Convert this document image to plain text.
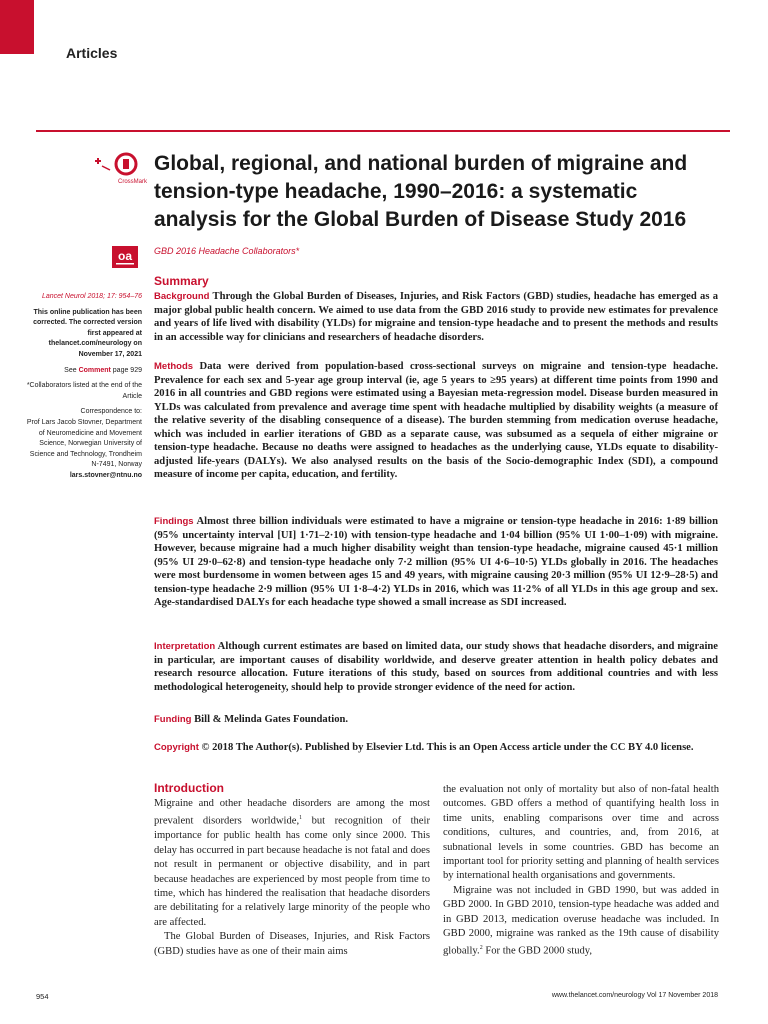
Articles
CrossMark
Global, regional, and national burden of migraine and tension-type headache, 1990–2016: a systematic analysis for the Global Burden of Disease Study 2016
oa GBD 2016 Headache Collaborators*

Lancet Neurol 2018; 17: 954–76

This online publication has been corrected. The corrected version first appeared at thelancet.com/neurology on November 17, 2021

See Comment page 929

*Collaborators listed at the end of the Article

Correspondence to:
Prof Lars Jacob Stovner, Department of Neuromedicine and Movement Science, Norwegian University of Science and Technology, Trondheim N-7491, Norway
lars.stovner@ntnu.no

Summary
Background Through the Global Burden of Diseases, Injuries, and Risk Factors (GBD) studies, headache has emerged as a major global public health concern. We aimed to use data from the GBD 2016 study to provide new estimates for prevalence and years of life lived with disability (YLDs) for migraine and tension-type headache and to present the methods and results in an accessible way for clinicians and researchers of headache disorders.
Methods Data were derived from population-based cross-sectional surveys on migraine and tension-type headache. Prevalence for each sex and 5-year age group interval (ie, age 5 years to ≥95 years) at different time points from 1990 and 2016 in all countries and GBD regions were estimated using a Bayesian meta-regression model. Disease burden measured in YLDs was calculated from prevalence and average time spent with headache multiplied by disability weights (a measure of the relative severity of the disabling consequence of a disease). The burden stemming from medication overuse headache, which was included in earlier iterations of GBD as a separate cause, was subsumed as a sequela of either migraine or tension-type headache. Because no deaths were assigned to headaches as the underlying cause, YLDs equate to disability-adjusted life-years (DALYs). We also analysed results on the basis of the Socio-demographic Index (SDI), a compound measure of income per capita, education, and fertility.
Findings Almost three billion individuals were estimated to have a migraine or tension-type headache in 2016: 1·89 billion (95% uncertainty interval [UI] 1·71–2·10) with tension-type headache and 1·04 billion (95% UI 1·00–1·09) with migraine. However, because migraine had a much higher disability weight than tension-type headache, migraine caused 45·1 million (95% UI 29·0–62·8) and tension-type headache only 7·2 million (95% UI 4·6–10·5) YLDs globally in 2016. The headaches were most burdensome in women between ages 15 and 49 years, with migraine causing 20·3 million (95% UI 12·9–28·5) and tension-type headache 2·9 million (95% UI 1·8–4·2) YLDs in 2016, which was 11·2% of all YLDs in this age group and sex. Age-standardised DALYs for each headache type showed a small increase as SDI increased.
Interpretation Although current estimates are based on limited data, our study shows that headache disorders, and migraine in particular, are important causes of disability worldwide, and deserve greater attention in health policy debates and research resource allocation. Future iterations of this study, based on sources from additional countries and with less methodological heterogeneity, should help to provide stronger evidence of the need for action.
Funding Bill & Melinda Gates Foundation.
Copyright © 2018 The Author(s). Published by Elsevier Ltd. This is an Open Access article under the CC BY 4.0 license.
Introduction

Migraine and other headache disorders are among the most prevalent disorders worldwide,$^1$ but recognition of their importance for public health has come only since 2000. This delay has occurred in part because headache is not fatal and does not result in permanent or objective disability, and in part because headaches are experienced by most people from time to time, which has hindered the realisation that headache disorders are debilitating for a relatively large minority of the people who are affected.

The Global Burden of Diseases, Injuries, and Risk Factors (GBD) studies have as one of their main aims

the evaluation not only of mortality but also of non-fatal health outcomes. GBD offers a method of quantifying health loss in time units, enabling comparisons over time and across conditions, cultures, and countries, and, from 2016, at subnational levels in some countries. GBD has become an important tool for priority setting and planning of health services by international health organisations and governments.

Migraine was not included in GBD 1990, but was added in GBD 2000. In GBD 2010, tension-type headache was added and in GBD 2013, medication overuse headache was included. In GBD 2000, migraine was ranked as the 19th cause of disability globally.$^2$ For the GBD 2000 study,

954	www.thelancet.com/neurology Vol 17 November 2018
